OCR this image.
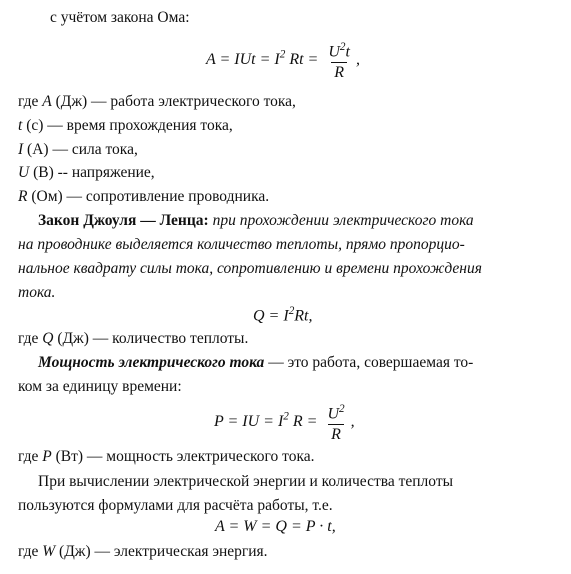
с учётом закона Ома:
A = IUt = $I^2$ $Rt = \frac{U^2t}{R}$ ,
где A (Дж) — работа электрического тока,
t (с) — время прохождения тока,
I (А) — сила тока,
U (В) -- напряжение,
R (Ом) — сопротивление проводника.
Закон Джоуля — Ленца: при прохождении электрического тока
на проводнике выделяется количество теплоты, прямо пропорцио-
нальное квадрату силы тока, сопротивлению и времени прохождения
тока.
$Q = I^2Rt$,
где Q (Дж) — количество теплоты.
Мощность электрического тока — это работа, совершаемая то-
ком за единицу времени:
P = IU = $I^2$ $R = \frac{U^2}{R}$ ,
где P (Вт) — мощность электрического тока.
При вычислении электрической энергии и количества теплоты
пользуются формулами для расчёта работы, т.е.
A = W = Q = P · t,
где W (Дж) — электрическая энергия.
